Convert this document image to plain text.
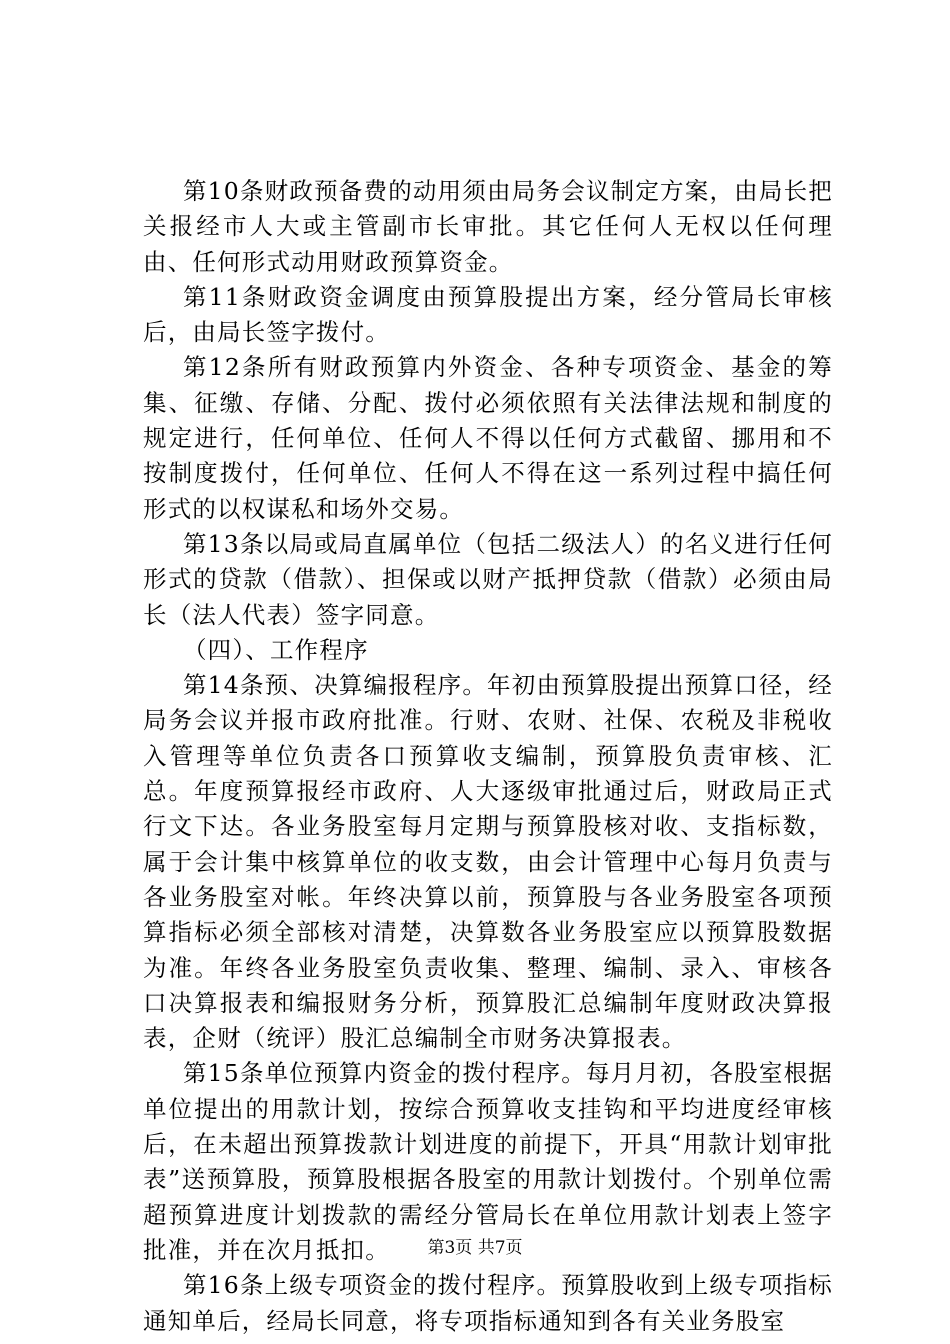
第10条财政预备费的动用须由局务会议制定方案，由局长把关报经市人大或主管副市长审批。其它任何人无权以任何理由、任何形式动用财政预算资金。

第11条财政资金调度由预算股提出方案，经分管局长审核后，由局长签字拨付。

第12条所有财政预算内外资金、各种专项资金、基金的筹集、征缴、存储、分配、拨付必须依照有关法律法规和制度的规定进行，任何单位、任何人不得以任何方式截留、挪用和不按制度拨付，任何单位、任何人不得在这一系列过程中搞任何形式的以权谋私和场外交易。

第13条以局或局直属单位（包括二级法人）的名义进行任何形式的贷款（借款）、担保或以财产抵押贷款（借款）必须由局长（法人代表）签字同意。

（四）、工作程序

第14条预、决算编报程序。年初由预算股提出预算口径，经局务会议并报市政府批准。行财、农财、社保、农税及非税收入管理等单位负责各口预算收支编制，预算股负责审核、汇总。年度预算报经市政府、人大逐级审批通过后，财政局正式行文下达。各业务股室每月定期与预算股核对收、支指标数，属于会计集中核算单位的收支数，由会计管理中心每月负责与各业务股室对帐。年终决算以前，预算股与各业务股室各项预算指标必须全部核对清楚，决算数各业务股室应以预算股数据为准。年终各业务股室负责收集、整理、编制、录入、审核各口决算报表和编报财务分析，预算股汇总编制年度财政决算报表，企财（统评）股汇总编制全市财务决算报表。

第15条单位预算内资金的拨付程序。每月月初，各股室根据单位提出的用款计划，按综合预算收支挂钩和平均进度经审核后，在未超出预算拨款计划进度的前提下，开具“用款计划审批表”送预算股，预算股根据各股室的用款计划拨付。个别单位需超预算进度计划拨款的需经分管局长在单位用款计划表上签字批准，并在次月抵扣。

第16条上级专项资金的拨付程序。预算股收到上级专项指标通知单后，经局长同意，将专项指标通知到各有关业务股室

第3页 共7页
